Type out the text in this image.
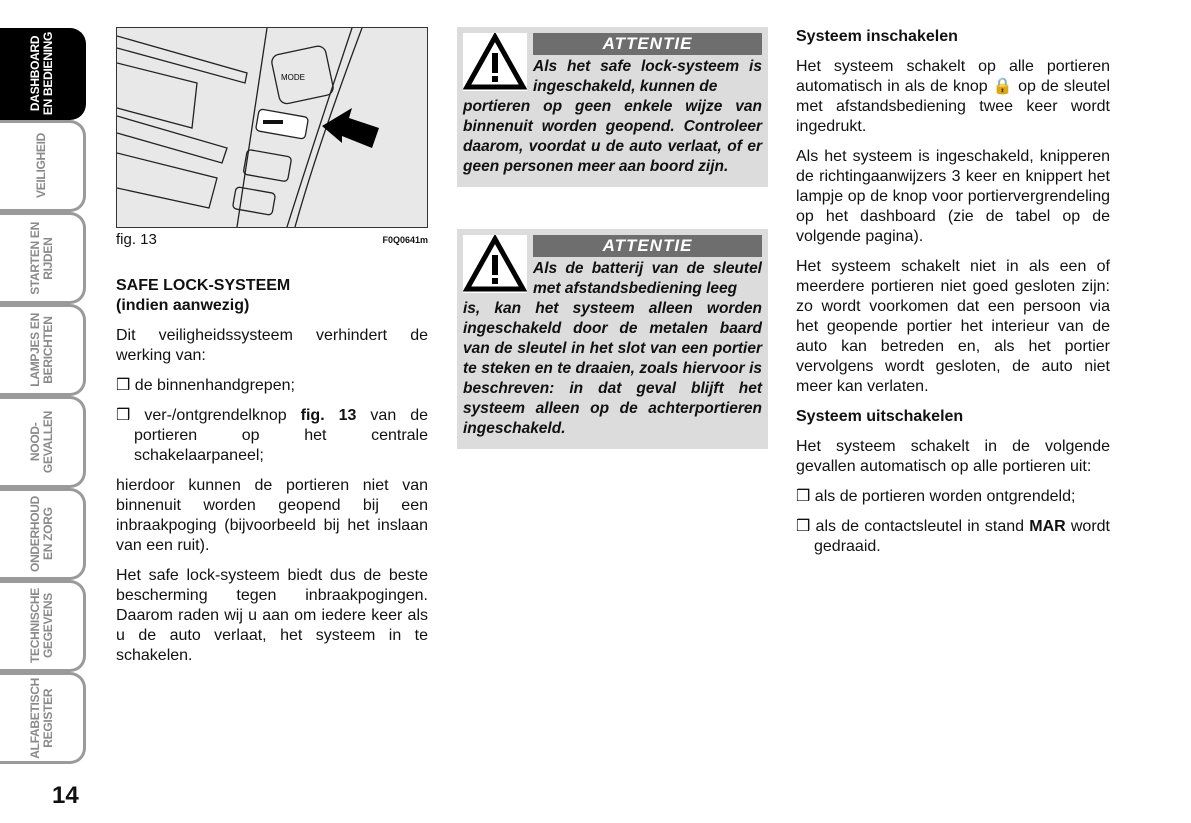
DASHBOARD
EN BEDIENING
VEILIGHEID
STARTEN EN
RIJDEN
LAMPJES EN
BERICHTEN
NOOD-
GEVALLEN
ONDERHOUD
EN ZORG
TECHNISCHE
GEGEVENS
ALFABETISCH
REGISTER
14
MODE
fig. 13	F0Q0641m
SAFE LOCK-SYSTEEM
(indien aanwezig)

Dit veiligheidssysteem verhindert de werking van:

❒ de binnenhandgrepen;

❒ ver-/ontgrendelknop fig. 13 van de portieren op het centrale schakelaarpaneel;

hierdoor kunnen de portieren niet van binnenuit worden geopend bij een inbraakpoging (bijvoorbeeld bij het inslaan van een ruit).

Het safe lock-systeem biedt dus de beste bescherming tegen inbraakpogingen. Daarom raden wij u aan om iedere keer als u de auto verlaat, het systeem in te schakelen.

ATTENTIE
Als het safe lock-systeem is ingeschakeld, kunnen de
portieren op geen enkele wijze van binnenuit worden geopend. Controleer daarom, voordat u de auto verlaat, of er geen personen meer aan boord zijn.
ATTENTIE
Als de batterij van de sleutel met afstandsbediening leeg
is, kan het systeem alleen worden ingeschakeld door de metalen baard van de sleutel in het slot van een portier te steken en te draaien, zoals hiervoor is beschreven: in dat geval blijft het systeem alleen op de achterportieren ingeschakeld.

Systeem inschakelen

Het systeem schakelt op alle portieren automatisch in als de knop 🔒 op de sleutel met afstandsbediening twee keer wordt ingedrukt.

Als het systeem is ingeschakeld, knipperen de richtingaanwijzers 3 keer en knippert het lampje op de knop voor portiervergrendeling op het dashboard (zie de tabel op de volgende pagina).

Het systeem schakelt niet in als een of meerdere portieren niet goed gesloten zijn: zo wordt voorkomen dat een persoon via het geopende portier het interieur van de auto kan betreden en, als het portier vervolgens wordt gesloten, de auto niet meer kan verlaten.

Systeem uitschakelen

Het systeem schakelt in de volgende gevallen automatisch op alle portieren uit:

❒ als de portieren worden ontgrendeld;

❒ als de contactsleutel in stand MAR wordt gedraaid.
